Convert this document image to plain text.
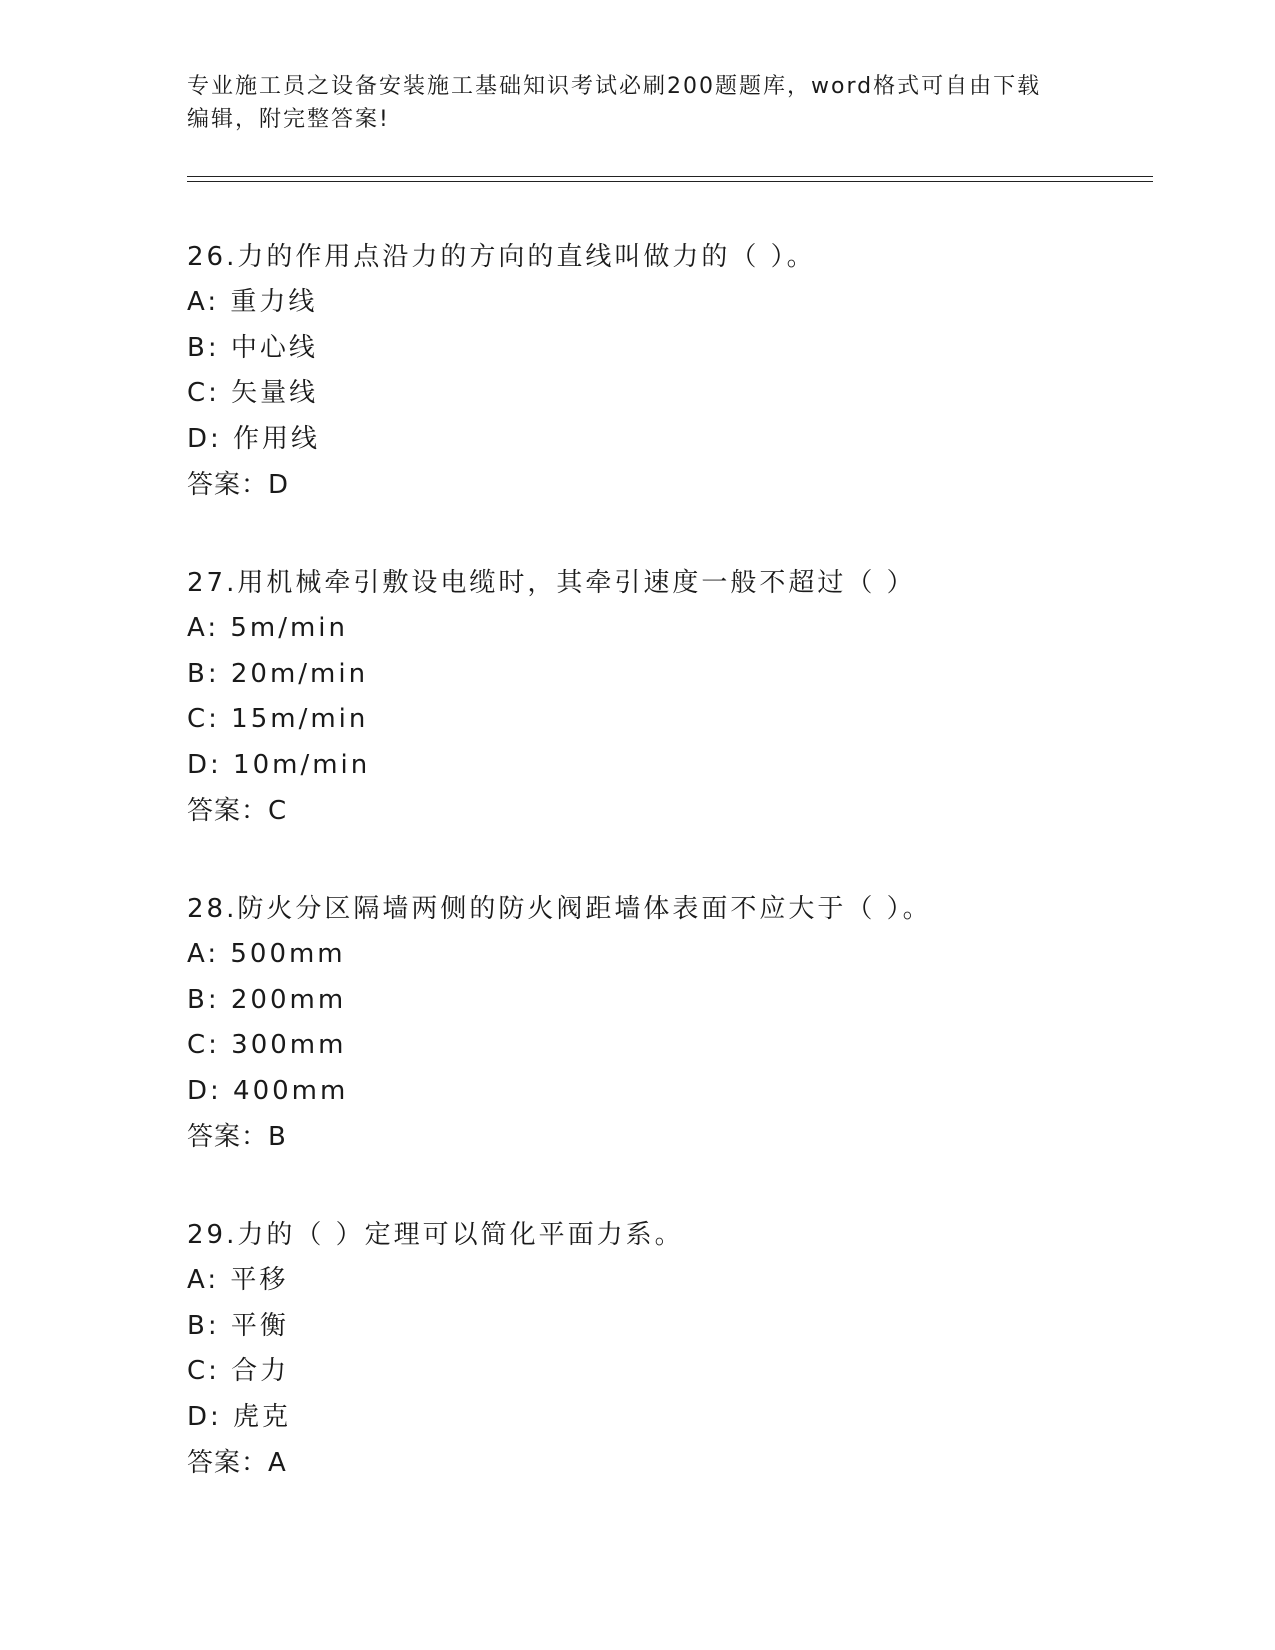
专业施工员之设备安装施工基础知识考试必刷200题题库，word格式可自由下载
编辑，附完整答案!
26.力的作用点沿力的方向的直线叫做力的（ ）。
A: 重力线
B: 中心线
C: 矢量线
D: 作用线
答案：D
27.用机械牵引敷设电缆时，其牵引速度一般不超过（ ）
A: 5m/min
B: 20m/min
C: 15m/min
D: 10m/min
答案：C
28.防火分区隔墙两侧的防火阀距墙体表面不应大于（ ）。
A: 500mm
B: 200mm
C: 300mm
D: 400mm
答案：B
29.力的（ ）定理可以简化平面力系。
A: 平移
B: 平衡
C: 合力
D: 虎克
答案：A
